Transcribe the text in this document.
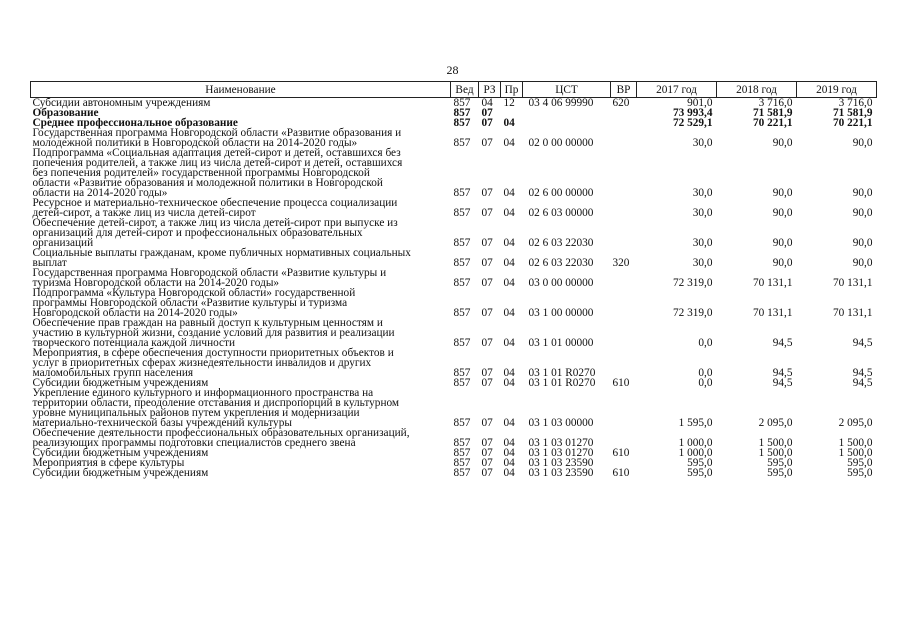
28
Наименование	Вед	РЗ	Пр	ЦСТ	ВР	2017 год	2018 год	2019 год

Субсидии автономным учреждениям	857	04	12	03 4 06 99990	620	901,0	3 716,0	3 716,0

Образование	857	07				73 993,4	71 581,9	71 581,9

Среднее профессиональное образование	857	07	04			72 529,1	70 221,1	70 221,1

Государственная программа Новгородской области «Развитие образования и
молодежной политики в Новгородской области на 2014-2020 годы»	857	07	04	02 0 00 00000		30,0	90,0	90,0

Подпрограмма «Социальная адаптация детей-сирот и детей, оставшихся без
попечения родителей, а также лиц из числа детей-сирот и детей, оставшихся
без попечения родителей» государственной программы Новгородской
области «Развитие образования и молодежной политики в Новгородской
области на 2014-2020 годы»	857	07	04	02 6 00 00000		30,0	90,0	90,0

Ресурсное и материально-техническое обеспечение процесса социализации
детей-сирот, а также лиц из числа детей-сирот	857	07	04	02 6 03 00000		30,0	90,0	90,0

Обеспечение детей-сирот, а также лиц из числа детей-сирот при выпуске из
организаций для детей-сирот и профессиональных образовательных
организаций	857	07	04	02 6 03 22030		30,0	90,0	90,0

Социальные выплаты гражданам, кроме публичных нормативных социальных
выплат	857	07	04	02 6 03 22030	320	30,0	90,0	90,0

Государственная программа Новгородской области «Развитие культуры и
туризма Новгородской области на 2014-2020 годы»	857	07	04	03 0 00 00000		72 319,0	70 131,1	70 131,1

Подпрограмма «Культура Новгородской области» государственной
программы Новгородской области «Развитие культуры и туризма
Новгородской области на 2014-2020 годы»	857	07	04	03 1 00 00000		72 319,0	70 131,1	70 131,1

Обеспечение прав граждан на равный доступ к культурным ценностям и
участию в культурной жизни, создание условий для развития и реализации
творческого потенциала каждой личности	857	07	04	03 1 01 00000		0,0	94,5	94,5

Мероприятия, в сфере обеспечения доступности приоритетных объектов и
услуг в приоритетных сферах жизнедеятельности инвалидов и других
маломобильных групп населения	857	07	04	03 1 01 R0270		0,0	94,5	94,5

Субсидии бюджетным учреждениям	857	07	04	03 1 01 R0270	610	0,0	94,5	94,5

Укрепление единого культурного и информационного пространства на
территории области, преодоление отставания и диспропорций в культурном
уровне муниципальных районов путем укрепления и модернизации
материально-технической базы учреждений культуры	857	07	04	03 1 03 00000		1 595,0	2 095,0	2 095,0

Обеспечение деятельности профессиональных образовательных организаций,
реализующих программы подготовки специалистов среднего звена	857	07	04	03 1 03 01270		1 000,0	1 500,0	1 500,0

Субсидии бюджетным учреждениям	857	07	04	03 1 03 01270	610	1 000,0	1 500,0	1 500,0

Мероприятия в сфере культуры	857	07	04	03 1 03 23590		595,0	595,0	595,0

Субсидии бюджетным учреждениям	857	07	04	03 1 03 23590	610	595,0	595,0	595,0
